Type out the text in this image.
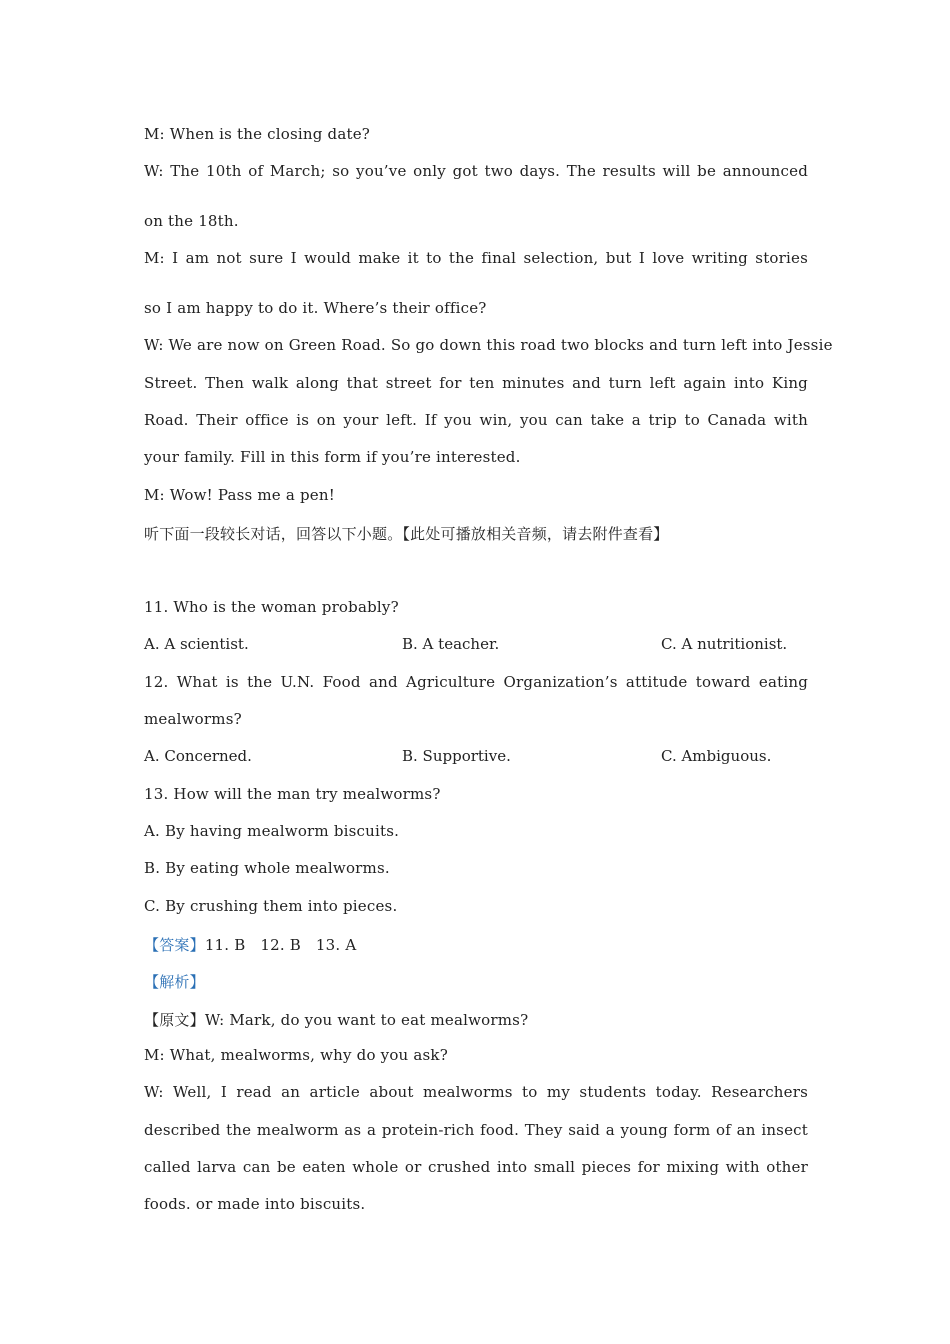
M: When is the closing date?
W: The 10th of March; so you’ve only got two days. The results will be announced
on the 18th.
M: I am not sure I would make it to the final selection, but I love writing stories
so I am happy to do it. Where’s their office?
W: We are now on Green Road. So go down this road two blocks and turn left into Jessie
Street. Then walk along that street for ten minutes and turn left again into King
Road. Their office is on your left. If you win, you can take a trip to Canada with
your family. Fill in this form if you’re interested.
M: Wow! Pass me a pen!
听下面一段较长对话，回答以下小题。【此处可播放相关音频，请去附件查看】
11. Who is the woman probably?
A. A scientist.	B. A teacher.	C. A nutritionist.
12. What is the U.N. Food and Agriculture Organization’s attitude toward eating
mealworms?
A. Concerned.	B. Supportive.	C. Ambiguous.
13. How will the man try mealworms?
A. By having mealworm biscuits.
B. By eating whole mealworms.
C. By crushing them into pieces.
【答案】11. B   12. B   13. A
【解析】
【原文】W: Mark, do you want to eat mealworms?
M: What, mealworms, why do you ask?
W: Well, I read an article about mealworms to my students today. Researchers
described the mealworm as a protein-rich food. They said a young form of an insect
called larva can be eaten whole or crushed into small pieces for mixing with other
foods. or made into biscuits.
